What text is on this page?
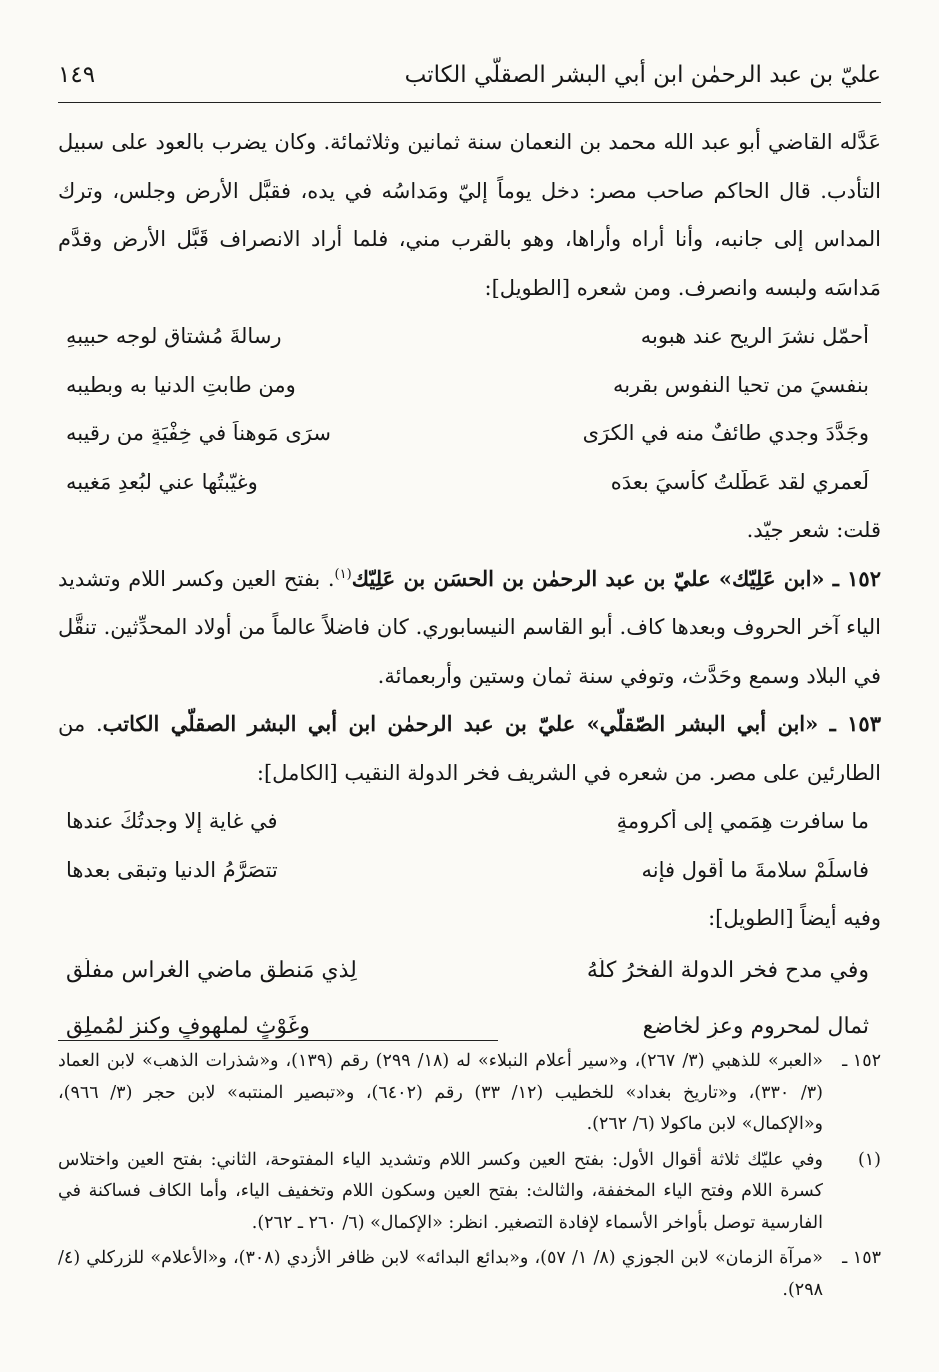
عليّ بن عبد الرحمٰن ابن أبي البشر الصقلّي الكاتب
١٤٩

عَدَّله القاضي أبو عبد الله محمد بن النعمان سنة ثمانين وثلاثمائة. وكان يضرب بالعود على سبيل التأدب. قال الحاكم صاحب مصر: دخل يوماً إليّ ومَداسُه في يده، فقبَّل الأرض وجلس، وترك المداس إلى جانبه، وأنا أراه وأراها، وهو بالقرب مني، فلما أراد الانصراف قَبَّل الأرض وقدَّم مَداسَه ولبسه وانصرف. ومن شعره [الطويل]:

أُحمّل نشرَ الريح عند هبوبه
رسالةَ مُشتاقٍ لوجه حبيبهِ
بنفسيَ من تحيا النفوس بقربه
ومن طابتِ الدنيا به وبطيبه
وجَدَّدَ وجدي طائفٌ منه في الكرَى
سرَى مَوهناً في خِفْيَةٍ من رقيبه
لَعمري لقد عَطَّلتُ كأسيَ بعدَه
وغيّبتُها عني لبُعدِ مَغيبه

قلت: شعر جيّد.

١٥٢ ـ «ابن عَلِيّك» عليّ بن عبد الرحمٰن بن الحسَن بن عَلِيّك$^{(١)}$. بفتح العين وكسر اللام وتشديد الياء آخر الحروف وبعدها كاف. أبو القاسم النيسابوري. كان فاضلاً عالماً من أولاد المحدِّثين. تنقَّل في البلاد وسمع وحَدَّث، وتوفي سنة ثمان وستين وأربعمائة.

١٥٣ ـ «ابن أبي البشر الصّقلّي» عليّ بن عبد الرحمٰن ابن أبي البشر الصقلّي الكاتب. من الطارئين على مصر. من شعره في الشريف فخر الدولة النقيب [الكامل]:

ما سافرت هِمَمي إلى أكرومةٍ
في غاية إلا وجدتُكَ عندها
فاسلَمْ سلامةَ ما أقول فإنه
تتصَرَّمُ الدنيا وتبقى بعدها

وفيه أيضاً [الطويل]:

وفي مدح فخر الدولة الفخرُ كلُّهُ
لِذي مَنطقٍ ماضي الغراس مفلّقِ
ثمال لمحرومٍ وعزٍ لخاضعٍ
وغَوْثٍ لملهوفٍ وكنزٍ لمُملِقِ
١٥٢ ـ
«العبر» للذهبي (٣/ ٢٦٧)، و«سير أعلام النبلاء» له (١٨/ ٢٩٩) رقم (١٣٩)، و«شذرات الذهب» لابن العماد (٣/ ٣٣٠)، و«تاريخ بغداد» للخطيب (١٢/ ٣٣) رقم (٦٤٠٢)، و«تبصير المنتبه» لابن حجر (٣/ ٩٦٦)، و«الإكمال» لابن ماكولا (٦/ ٢٦٢).
(١)
وفي عليّك ثلاثة أقوال الأول: بفتح العين وكسر اللام وتشديد الياء المفتوحة، الثاني: بفتح العين واختلاس كسرة اللام وفتح الياء المخففة، والثالث: بفتح العين وسكون اللام وتخفيف الياء، وأما الكاف فساكنة في الفارسية توصل بأواخر الأسماء لإفادة التصغير. انظر: «الإكمال» (٦/ ٢٦٠ ـ ٢٦٢).
١٥٣ ـ
«مرآة الزمان» لابن الجوزي (٨/ ١/ ٥٧)، و«بدائع البدائه» لابن ظافر الأزدي (٣٠٨)، و«الأعلام» للزركلي (٤/ ٢٩٨).
